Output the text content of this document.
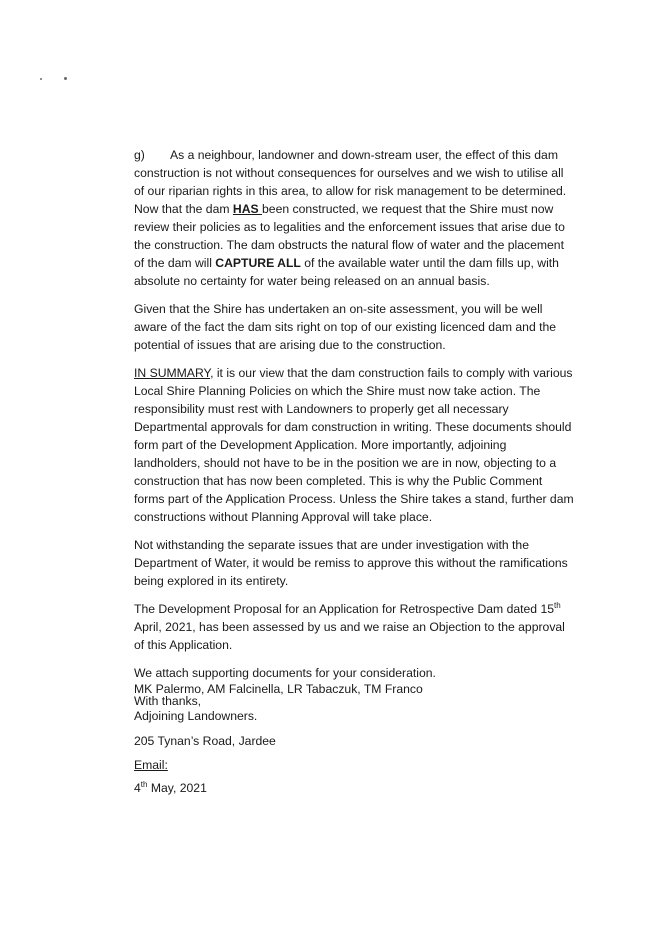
g) As a neighbour, landowner and down-stream user, the effect of this dam construction is not without consequences for ourselves and we wish to utilise all of our riparian rights in this area, to allow for risk management to be determined. Now that the dam HAS been constructed, we request that the Shire must now review their policies as to legalities and the enforcement issues that arise due to the construction. The dam obstructs the natural flow of water and the placement of the dam will CAPTURE ALL of the available water until the dam fills up, with absolute no certainty for water being released on an annual basis.

Given that the Shire has undertaken an on-site assessment, you will be well aware of the fact the dam sits right on top of our existing licenced dam and the potential of issues that are arising due to the construction.

IN SUMMARY, it is our view that the dam construction fails to comply with various Local Shire Planning Policies on which the Shire must now take action. The responsibility must rest with Landowners to properly get all necessary Departmental approvals for dam construction in writing. These documents should form part of the Development Application. More importantly, adjoining landholders, should not have to be in the position we are in now, objecting to a construction that has now been completed. This is why the Public Comment forms part of the Application Process. Unless the Shire takes a stand, further dam constructions without Planning Approval will take place.

Not withstanding the separate issues that are under investigation with the Department of Water, it would be remiss to approve this without the ramifications being explored in its entirety.

The Development Proposal for an Application for Retrospective Dam dated 15th April, 2021, has been assessed by us and we raise an Objection to the approval of this Application.

We attach supporting documents for your consideration.

With thanks,

MK Palermo, AM Falcinella, LR Tabaczuk, TM Franco

Adjoining Landowners.

205 Tynan’s Road, Jardee

Email:

4th May, 2021
